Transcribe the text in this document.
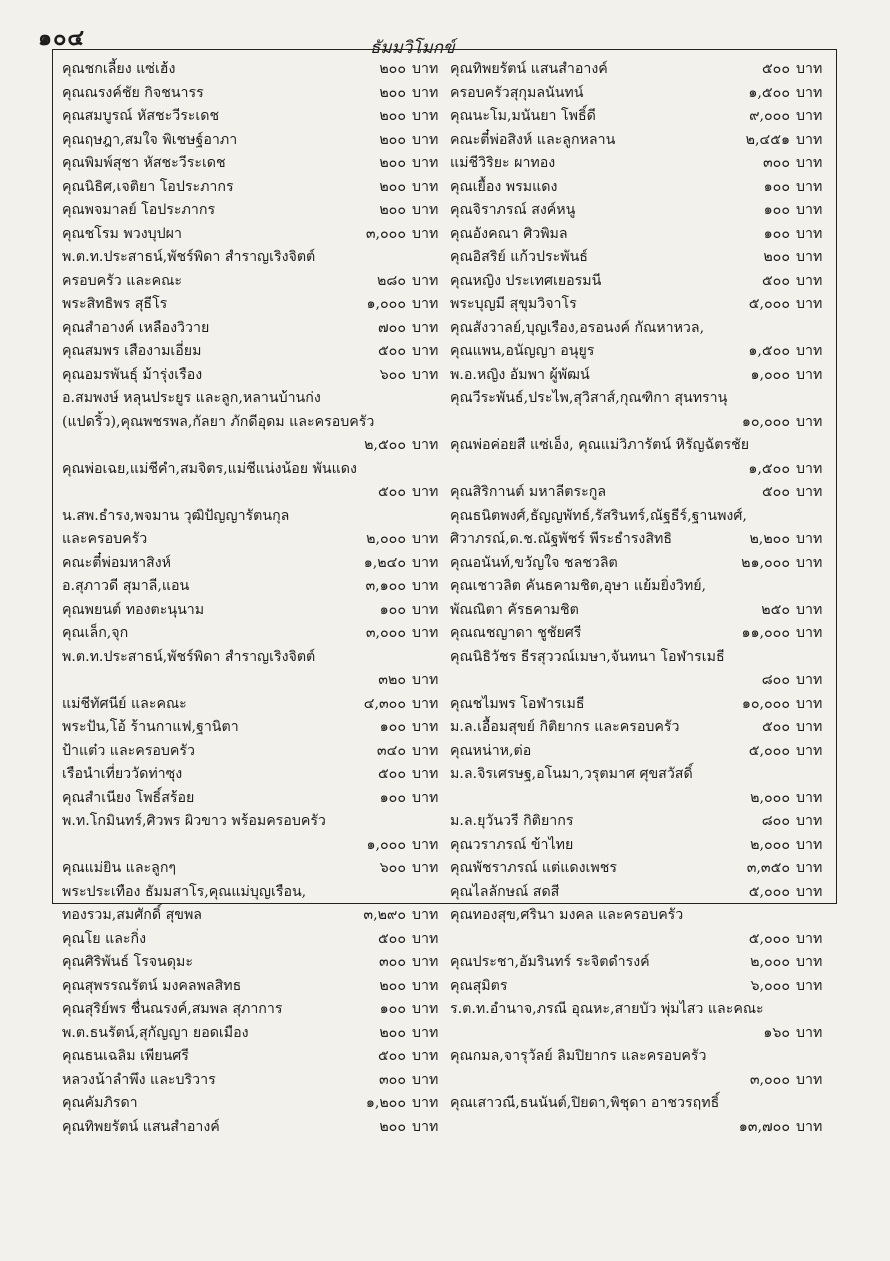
๑๐๔	ธัมมวิโมกข์
คุณชกเลี้ยง แซ่เฮ้ง	๒๐๐ บาท
คุณณรงค์ชัย กิจชนารร	๒๐๐ บาท
คุณสมบูรณ์ หัสชะวีระเดช	๒๐๐ บาท
คุณฤษฎา,สมใจ พิเชษฐ์อาภา	๒๐๐ บาท
คุณพิมพ์สุชา หัสชะวีระเดช	๒๐๐ บาท
คุณนิธิศ,เจติยา โอประภากร	๒๐๐ บาท
คุณพจมาลย์ โอประภากร	๒๐๐ บาท
คุณชโรม พวงบุปผา	๓,๐๐๐ บาท
พ.ต.ท.ประสาธน์,พัชร์พิดา สำราญเริงจิตต์
ครอบครัว และคณะ	๒๘๐ บาท
พระสิทธิพร สุธีโร	๑,๐๐๐ บาท
คุณสำอางค์ เหลืองวิวาย	๗๐๐ บาท
คุณสมพร เสืองามเอี่ยม	๕๐๐ บาท
คุณอมรพันธุ์ ม้ารุ่งเรือง	๖๐๐ บาท
อ.สมพงษ์ หลุนประยูร และลูก,หลานบ้านก่ง
(แปดริ้ว),คุณพชรพล,กัลยา ภักดีอุดม และครอบครัว
๒,๕๐๐ บาท
คุณพ่อเฉย,แม่ชีคำ,สมจิตร,แม่ชีแน่งน้อย พันแดง
๕๐๐ บาท
น.สพ.ธำรง,พจมาน วุฒิปัญญารัตนกุล
และครอบครัว	๒,๐๐๐ บาท
คณะตี๋พ่อมหาสิงห์	๑,๒๔๐ บาท
อ.สุภาวดี สุมาลี,แอน	๓,๑๐๐ บาท
คุณพยนต์ ทองตะนุนาม	๑๐๐ บาท
คุณเล็ก,จุก	๓,๐๐๐ บาท
พ.ต.ท.ประสาธน์,พัชร์พิดา สำราญเริงจิตต์
๓๒๐ บาท
แม่ชีทัศนีย์ และคณะ	๔,๓๐๐ บาท
พระปัน,โอ้ ร้านกาแฟ,ฐานิตา	๑๐๐ บาท
ป้าแต๋ว และครอบครัว	๓๔๐ บาท
เรือนำเที่ยววัดท่าซุง	๕๐๐ บาท
คุณสำเนียง โพธิ์สร้อย	๑๐๐ บาท
พ.ท.โกมินทร์,ศิวพร ผิวขาว พร้อมครอบครัว
๑,๐๐๐ บาท
คุณแม่ยิน และลูกๆ	๖๐๐ บาท
พระประเทือง ธัมมสาโร,คุณแม่บุญเรือน,
ทองรวม,สมศักดิ์ สุขพล	๓,๒๙๐ บาท
คุณโย และกิ่ง	๕๐๐ บาท
คุณศิริพันธ์ โรจนดุมะ	๓๐๐ บาท
คุณสุพรรณรัตน์ มงคลพลสิทธ	๒๐๐ บาท
คุณสุริย์พร ชื่นณรงค์,สมพล สุภาการ	๑๐๐ บาท
พ.ต.ธนรัตน์,สุกัญญา ยอดเมือง	๒๐๐ บาท
คุณธนเฉลิม เพียนศรี	๕๐๐ บาท
หลวงน้าลำพึง และบริวาร	๓๐๐ บาท
คุณคัมภิรดา	๑,๒๐๐ บาท
คุณทิพยรัตน์ แสนสำอางค์	๒๐๐ บาท
คุณทิพยรัตน์ แสนสำอางค์	๕๐๐ บาท
ครอบครัวสุกุมลนันทน์	๑,๕๐๐ บาท
คุณนะโม,มนันยา โพธิ์ดี	๙,๐๐๐ บาท
คณะตี๋พ่อสิงห์ และลูกหลาน	๒,๔๕๑ บาท
แม่ชีวิริยะ ผาทอง	๓๐๐ บาท
คุณเยื้อง พรมแดง	๑๐๐ บาท
คุณจิราภรณ์ สงค์หนู	๑๐๐ บาท
คุณอังคณา ศิวพิมล	๑๐๐ บาท
คุณอิสริย์ แก้วประพันธ์	๒๐๐ บาท
คุณหญิง ประเทศเยอรมนี	๕๐๐ บาท
พระบุญมี สุขุมวิจาโร	๕,๐๐๐ บาท
คุณสังวาลย์,บุญเรือง,อรอนงค์ กัณหาหวล,
คุณแพน,อนัญญา อนุยูร	๑,๕๐๐ บาท
พ.อ.หญิง อัมพา ผู้พัฒน์	๑,๐๐๐ บาท
คุณวีระพันธ์,ประไพ,สุวิสาส์,กุณฑิกา สุนทรานุ
๑๐,๐๐๐ บาท
คุณพ่อค่อยสี แซ่เอ็ง, คุณแม่วิภารัตน์ หิรัญฉัตรชัย
๑,๕๐๐ บาท
คุณสิริกานต์ มหาลีตระกูล	๕๐๐ บาท
คุณธนิตพงศ์,ธัญญพัทธ์,รัสรินทร์,ณัฐธีร์,ฐานพงศ์,
ศิวาภรณ์,ด.ช.ณัฐพัชร์ พีระธำรงสิทธิ	๒,๒๐๐ บาท
คุณอนันท์,ขวัญใจ ชลชวลิต	๒๑,๐๐๐ บาท
คุณเชาวลิต คันธคามชิต,อุษา แย้มยิ่งวิทย์,
พัณณิตา คัรธคามชิต	๒๕๐ บาท
คุณณชญาดา ชูชัยศรี	๑๑,๐๐๐ บาท
คุณนิธิวัชร ธีรสุววณ์เมษา,จันทนา โอฬารเมธี
๘๐๐ บาท
คุณชไมพร โอฬารเมธี	๑๐,๐๐๐ บาท
ม.ล.เอื้อมสุขย์ กิติยากร และครอบครัว	๕๐๐ บาท
คุณหน่าห,ต่อ	๕,๐๐๐ บาท
ม.ล.จิรเศรษฐ,อโนมา,วรุตมาศ ศุขสวัสดิ์
๒,๐๐๐ บาท
ม.ล.ยุวันวรี กิติยากร	๘๐๐ บาท
คุณวราภรณ์ ข้าไทย	๒,๐๐๐ บาท
คุณพัชราภรณ์ แต่แดงเพชร	๓,๓๕๐ บาท
คุณไลลักษณ์ สดสี	๕,๐๐๐ บาท
คุณทองสุข,ศรินา มงคล และครอบครัว
๕,๐๐๐ บาท
คุณประชา,อัมรินทร์ ระจิตดำรงค์	๒,๐๐๐ บาท
คุณสุมิตร	๖,๐๐๐ บาท
ร.ต.ท.อำนาจ,ภรณี อุณหะ,สายบัว พุ่มไสว และคณะ
๑๖๐ บาท
คุณกมล,จารุวัลย์ ลิมปิยากร และครอบครัว
๓,๐๐๐ บาท
คุณเสาวณี,ธนนันต์,ปิยดา,พิชุดา อาชวรฤทธิ์
๑๓,๗๐๐ บาท
